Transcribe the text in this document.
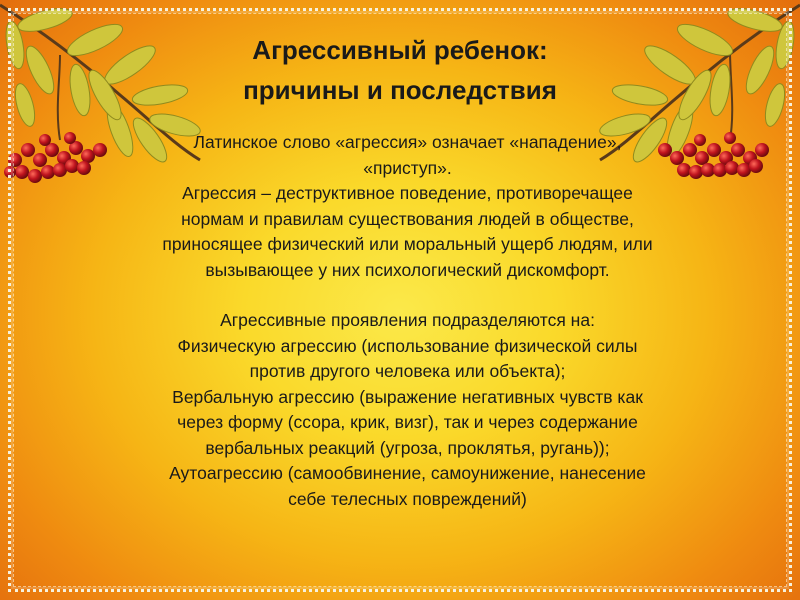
Агрессивный ребенок:
причины и последствия

Латинское слово «агрессия» означает «нападение», «приступ».

Агрессия – деструктивное поведение, противоречащее нормам и правилам существования людей в обществе, приносящее физический или моральный ущерб людям, или вызывающее у них психологический дискомфорт.

Агрессивные проявления подразделяются на:

Физическую агрессию (использование физической силы против другого человека или объекта);

Вербальную агрессию (выражение негативных чувств как через форму (ссора, крик, визг), так и через содержание вербальных реакций (угроза, проклятья, ругань));

Аутоагрессию (самообвинение, самоунижение, нанесение себе телесных повреждений)
